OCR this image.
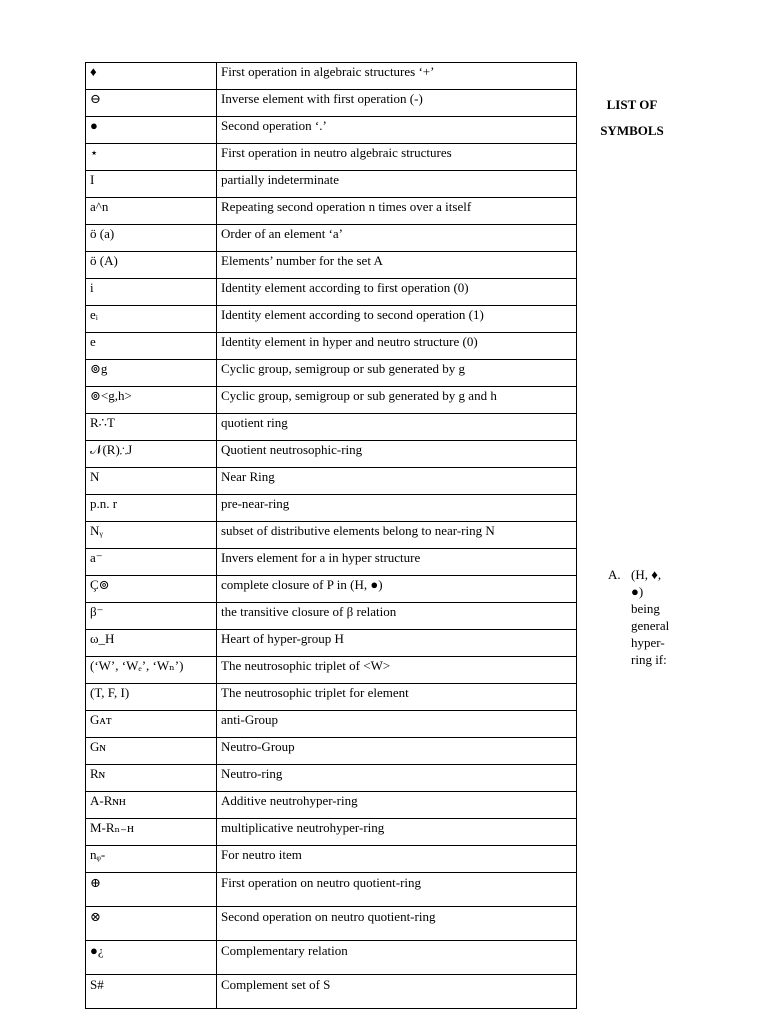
♦	First operation in algebraic structures ‘+’
⊖	Inverse element with first operation (-)
●	Second operation ‘.’
⋆	First operation in neutro algebraic structures
I	partially indeterminate
a^n	Repeating second operation n times over a itself
ö (a)	Order of an element ‘a’
ö (A)	Elements’ number for the set A
i	Identity element according to first operation (0)
eᵢ	Identity element according to second operation (1)
e	Identity element in hyper and neutro structure (0)
⊚g	Cyclic group, semigroup or sub generated by g
⊚<g,h>	Cyclic group, semigroup or sub generated by g and h
R∴T	quotient ring
𝒩(R)∴J	Quotient neutrosophic-ring
N	Near Ring
p.n. r	pre-near-ring
Nᵧ	subset of distributive elements belong to near-ring N
a⁻	Invers element for a in hyper structure
Ç⊚	complete closure of P in (H, ●)
β⁻	the transitive closure of β relation
ω_H	Heart of hyper-group H
(‘W’, ‘Wₑ’, ‘Wₙ’)	The neutrosophic triplet of <W>
(T, F, I)	The neutrosophic triplet for element
Gᴀᴛ	anti-Group
Gɴ	Neutro-Group
Rɴ	Neutro-ring
A-Rɴʜ	Additive neutrohyper-ring
M-Rₙ₋ʜ	multiplicative neutrohyper-ring
nᵩ-	For neutro item
⊕	First operation on neutro quotient-ring
⊗	Second operation on neutro quotient-ring
●¿	Complementary relation
S#	Complement set of S
LIST OF
SYMBOLS
A. (H, ♦,
●)
being
general
hyper-
ring if:
